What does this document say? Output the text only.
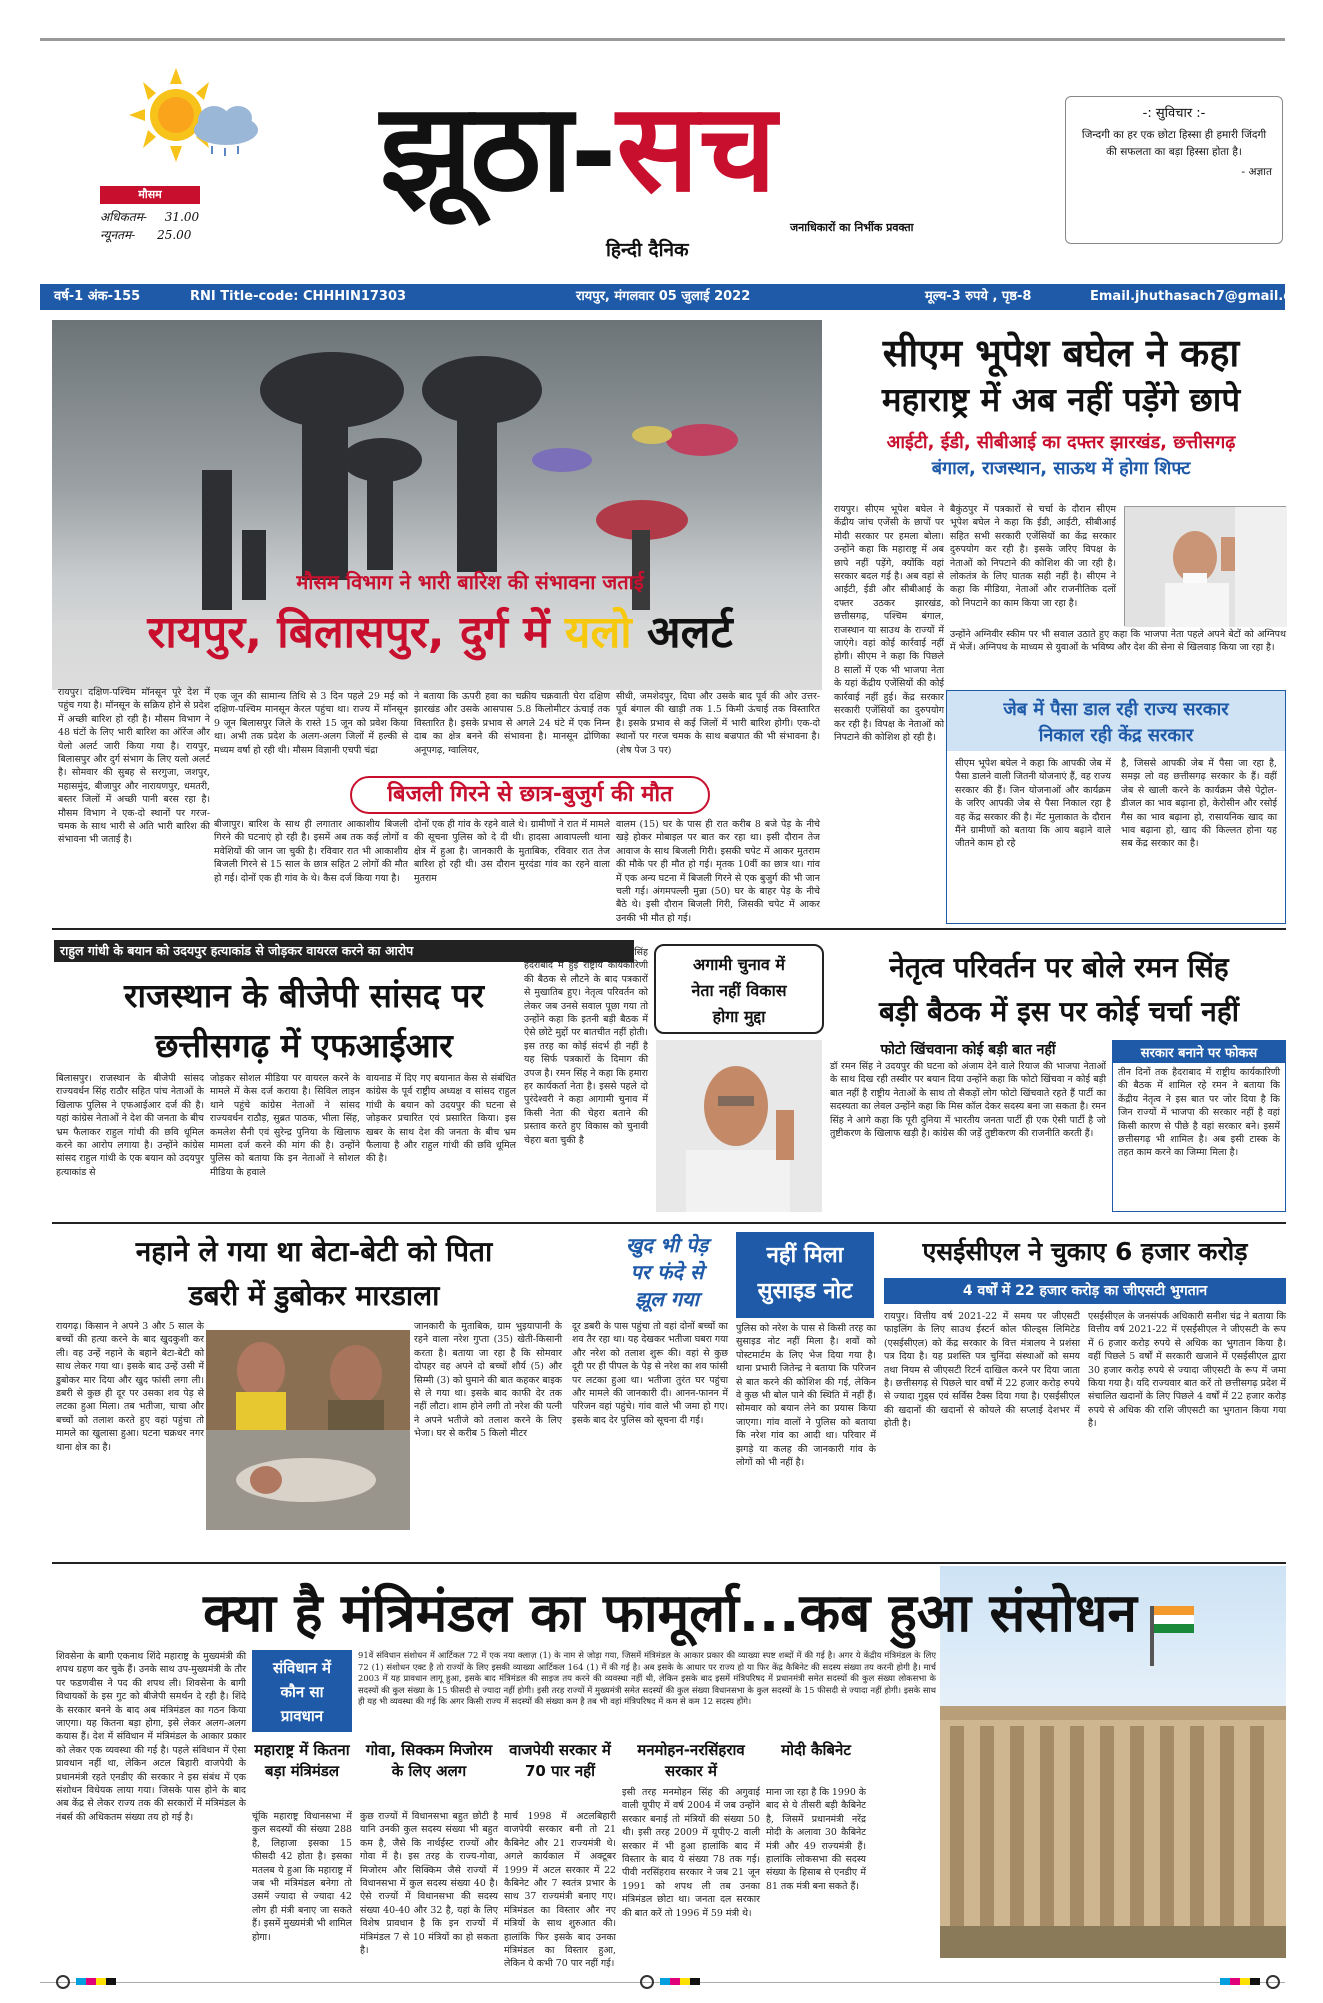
मौसम
अधिकतम- 31.00
न्यूनतम- 25.00
झूठा-सच
हिन्दी दैनिक
जनाधिकारों का निर्भीक प्रवक्ता
-: सुविचार :-
जिन्दगी का हर एक छोटा हिस्सा ही हमारी जिंदगी की सफलता का बड़ा हिस्सा होता है।
- अज्ञात
वर्ष-1 अंक-155	RNI Title-code: CHHHIN17303	रायपुर, मंगलवार 05 जुलाई 2022	मूल्य-3 रुपये , पृष्ठ-8	Email.jhuthasach7@gmail.com
मौसम विभाग ने भारी बारिश की संभावना जताई
रायपुर, बिलासपुर, दुर्ग में यलो अलर्ट
रायपुर। दक्षिण-पश्चिम मॉनसून पूरे देश में पहुंच गया है। मॉनसून के सक्रिय होने से प्रदेश में अच्छी बारिश हो रही है। मौसम विभाग ने 48 घंटों के लिए भारी बारिश का ऑरेंज और येलो अलर्ट जारी किया गया है। रायपुर, बिलासपुर और दुर्ग संभाग के लिए यलो अलर्ट है। सोमवार की सुबह से सरगुजा, जशपुर, महासमुंद, बीजापुर और नारायणपुर, धमतरी, बस्तर जिलों में अच्छी पानी बरस रहा है। मौसम विभाग ने एक-दो स्थानों पर गरज-चमक के साथ भारी से अति भारी बारिश की संभावना भी जताई है।
एक जून की सामान्य तिथि से 3 दिन पहले 29 मई को दक्षिण-पश्चिम मानसून केरल पहुंचा था। राज्य में मॉनसून 9 जून बिलासपुर जिले के रास्ते 15 जून को प्रवेश किया था। अभी तक प्रदेश के अलग-अलग जिलों में हल्की से मध्यम वर्षा हो रही थी। मौसम विज्ञानी एचपी चंद्रा
ने बताया कि ऊपरी हवा का चक्रीय चक्रवाती घेरा दक्षिण झारखंड और उसके आसपास 5.8 किलोमीटर ऊंचाई तक विस्तारित है। इसके प्रभाव से अगले 24 घंटे में एक निम्न दाब का क्षेत्र बनने की संभावना है। मानसून द्रोणिका अनूपगढ़, ग्वालियर,
सीधी, जमशेदपुर, दिघा और उसके बाद पूर्व की ओर उत्तर-पूर्व बंगाल की खाड़ी तक 1.5 किमी ऊंचाई तक विस्तारित है। इसके प्रभाव से कई जिलों में भारी बारिश होगी। एक-दो स्थानों पर गरज चमक के साथ बज्रपात की भी संभावना है। (शेष पेज 3 पर)
बिजली गिरने से छात्र-बुजुर्ग की मौत
बीजापुर। बारिश के साथ ही लगातार आकाशीय बिजली गिरने की घटनाएं हो रही है। इसमें अब तक कई लोगों व मवेशियों की जान जा चुकी है। रविवार रात भी आकाशीय बिजली गिरने से 15 साल के छात्र सहित 2 लोगों की मौत हो गई। दोनों एक ही गांव के थे। कैस दर्ज किया गया है।
दोनों एक ही गांव के रहने वाले थे। ग्रामीणों ने रात में मामले की सूचना पुलिस को दे दी थी। हादसा आवापल्ली थाना क्षेत्र में हुआ है। जानकारी के मुताबिक, रविवार रात तेज बारिश हो रही थी। उस दौरान मुरदंडा गांव का रहने वाला मुतराम
वालम (15) घर के पास ही रात करीब 8 बजे पेड़ के नीचे खड़े होकर मोबाइल पर बात कर रहा था। इसी दौरान तेज आवाज के साथ बिजली गिरी। इसकी चपेट में आकर मुतराम की मौके पर ही मौत हो गई। मृतक 10वीं का छात्र था। गांव में एक अन्य घटना में बिजली गिरने से एक बुजुर्ग की भी जान चली गई। अंगमपल्ली मुन्ना (50) घर के बाहर पेड़ के नीचे बैठे थे। इसी दौरान बिजली गिरी, जिसकी चपेट में आकर उनकी भी मौत हो गई।
सीएम भूपेश बघेल ने कहा
महाराष्ट्र में अब नहीं पड़ेंगे छापे
आईटी, ईडी, सीबीआई का दफ्तर झारखंड, छत्तीसगढ़
बंगाल, राजस्थान, साऊथ में होगा शिफ्ट
रायपुर। सीएम भूपेश बघेल ने केंद्रीय जांच एजेंसी के छापों पर मोदी सरकार पर हमला बोला। उन्होंने कहा कि महाराष्ट्र में अब छापे नहीं पड़ेंगे, क्योंकि वहां सरकार बदल गई है। अब वहां से आईटी, ईडी और सीबीआई के दफ्तर उठकर झारखंड, छत्तीसगढ़, पश्चिम बंगाल, राजस्थान या साउथ के राज्यों में जाएंगे। वहां कोई कार्रवाई नहीं होगी। सीएम ने कहा कि पिछले 8 सालों में एक भी भाजपा नेता के यहां केंद्रीय एजेंसियों की कोई कार्रवाई नहीं हुई। केंद्र सरकार सरकारी एजेंसियों का दुरुपयोग कर रही है। विपक्ष के नेताओं को निपटाने की कोशिश हो रही है।
बैकुंठपुर में पत्रकारों से चर्चा के दौरान सीएम भूपेश बघेल ने कहा कि ईडी, आईटी, सीबीआई सहित सभी सरकारी एजेंसियों का केंद्र सरकार दुरुपयोग कर रही है। इसके जरिए विपक्ष के नेताओं को निपटाने की कोशिश की जा रही है। लोकतंत्र के लिए घातक सही नहीं है। सीएम ने कहा कि मीडिया, नेताओं और राजनीतिक दलों को निपटाने का काम किया जा रहा है।
उन्होंने अग्निवीर स्कीम पर भी सवाल उठाते हुए कहा कि भाजपा नेता पहले अपने बेटों को अग्निपथ में भेजें। अग्निपथ के माध्यम से युवाओं के भविष्य और देश की सेना से खिलवाड़ किया जा रहा है।
जेब में पैसा डाल रही राज्य सरकार
निकाल रही केंद्र सरकार
सीएम भूपेश बघेल ने कहा कि आपकी जेब में पैसा डालने वाली जितनी योजनाएं हैं, वह राज्य सरकार की हैं। जिन योजनाओं और कार्यक्रम के जरिए आपकी जेब से पैसा निकाल रहा है वह केंद्र सरकार की है। मेंट मुलाकात के दौरान मैंने ग्रामीणों को बताया कि आय बढ़ाने वाले जीतने काम हो रहे
है, जिससे आपकी जेब में पैसा जा रहा है, समझ लो वह छत्तीसगढ़ सरकार के हैं। वहीं जेब से खाली करने के कार्यक्रम जैसे पेट्रोल-डीजल का भाव बढ़ाना हो, केरोसीन और रसोई गैस का भाव बढ़ाना हो, रासायनिक खाद का भाव बढ़ाना हो, खाद की किल्लत होना यह सब केंद्र सरकार का है।
राहुल गांधी के बयान को उदयपुर हत्याकांड से जोड़कर वायरल करने का आरोप
राजस्थान के बीजेपी सांसद पर
छत्तीसगढ़ में एफआईआर
बिलासपुर। राजस्थान के बीजेपी सांसद राज्यवर्धन सिंह राठौर सहित पांच नेताओं के खिलाफ पुलिस ने एफआईआर दर्ज की है। यहां कांग्रेस नेताओं ने देश की जनता के बीच भ्रम फैलाकर राहुल गांधी की छवि धूमिल करने का आरोप लगाया है। उन्होंने कांग्रेस सांसद राहुल गांधी के एक बयान को उदयपुर हत्याकांड से
जोड़कर सोशल मीडिया पर वायरल करने के मामले में केस दर्ज कराया है। सिविल लाइन थाने पहुंचे कांग्रेस नेताओं ने सांसद राज्यवर्धन राठौड़, सुब्रत पाठक, भीला सिंह, कमलेश सैनी एवं सुरेन्द्र पुनिया के खिलाफ मामला दर्ज करने की मांग की है। उन्होंने पुलिस को बताया कि इन नेताओं ने सोशल मीडिया के हवाले
वायनाड में दिए गए बयानात केस से संबंधित कांग्रेस के पूर्व राष्ट्रीय अध्यक्ष व सांसद राहुल गांधी के बयान को उदयपुर की घटना से जोड़कर प्रचारित एवं प्रसारित किया। इस खबर के साथ देश की जनता के बीच भ्रम फैलाया है और राहुल गांधी की छवि धूमिल की है।
रायपुर। पूर्व मुख्यमंत्री डॉ. रमन सिंह हैदराबाद में हुई राष्ट्रीय कार्यकारिणी की बैठक से लौटने के बाद पत्रकारों से मुखातिब हुए। नेतृत्व परिवर्तन को लेकर जब उनसे सवाल पूछा गया तो उन्होंने कहा कि इतनी बड़ी बैठक में ऐसे छोटे मुद्दों पर बातचीत नहीं होती। इस तरह का कोई संदर्भ ही नहीं है यह सिर्फ पत्रकारों के दिमाग की उपज है। रमन सिंह ने कहा कि हमारा हर कार्यकर्ता नेता है। इससे पहले दो पुरंदेश्वरी ने कहा आगामी चुनाव में किसी नेता की चेहरा बताने की प्रस्ताव करते हुए विकास को चुनावी चेहरा बता चुकी है
अगामी चुनाव में
नेता नहीं विकास
होगा मुद्दा
नेतृत्व परिवर्तन पर बोले रमन सिंह
बड़ी बैठक में इस पर कोई चर्चा नहीं
फोटो खिंचवाना कोई बड़ी बात नहीं
डॉ रमन सिंह ने उदयपुर की घटना को अंजाम देने वाले रियाज की भाजपा नेताओं के साथ दिख रही तस्वीर पर बयान दिया उन्होंने कहा कि फोटो खिंचवा न कोई बड़ी बात नहीं है राष्ट्रीय नेताओं के साथ तो सैकड़ों लोग फोटो खिंचवाते रहते हैं पार्टी का सदस्यता का लेवल उन्होंने कहा कि मिस कॉल देकर सदस्य बना जा सकता है। रमन सिंह ने आगे कहा कि पूरी दुनिया में भारतीय जनता पार्टी ही एक ऐसी पार्टी है जो तुष्टीकरण के खिलाफ खड़ी है। कांग्रेस की जड़ें तुष्टीकरण की राजनीति करती हैं।
सरकार बनाने पर फोकस
तीन दिनों तक हैदराबाद में राष्ट्रीय कार्यकारिणी की बैठक में शामिल रहे रमन ने बताया कि केंद्रीय नेतृत्व ने इस बात पर जोर दिया है कि जिन राज्यों में भाजपा की सरकार नहीं है वहां किसी कारण से पीछे है वहां सरकार बने। इसमें छत्तीसगढ़ भी शामिल है। अब इसी टास्क के तहत काम करने का जिम्मा मिला है।
नहाने ले गया था बेटा-बेटी को पिता
डबरी में डुबोकर मारडाला
रायगढ़। किसान ने अपने 3 और 5 साल के बच्चों की हत्या करने के बाद खुदकुशी कर ली। वह उन्हें नहाने के बहाने बेटा-बेटी को साथ लेकर गया था। इसके बाद उन्हें उसी में डुबोकर मार दिया और खुद फांसी लगा ली। डबरी से कुछ ही दूर पर उसका शव पेड़ से लटका हुआ मिला। तब भतीजा, चाचा और बच्चों को तलाश करते हुए वहां पहुंचा तो मामले का खुलासा हुआ। घटना चक्रधर नगर थाना क्षेत्र का है।
जानकारी के मुताबिक, ग्राम भुइयापानी के रहने वाला नरेश गुप्ता (35) खेती-किसानी करता है। बताया जा रहा है कि सोमवार दोपहर वह अपने दो बच्चों शौर्य (5) और सिम्मी (3) को घुमाने की बात कहकर बाइक से ले गया था। इसके बाद काफी देर तक नहीं लौटा। शाम होने लगी तो नरेश की पत्नी ने अपने भतीजे को तलाश करने के लिए भेजा। घर से करीब 5 किलो मीटर
खुद भी पेड़
पर फंदे से
झूल गया
दूर डबरी के पास पहुंचा तो वहां दोनों बच्चों का शव तैर रहा था। यह देखकर भतीजा घबरा गया और नरेश को तलाश शुरू की। वहां से कुछ दूरी पर ही पीपल के पेड़ से नरेश का शव फांसी पर लटका हुआ था। भतीजा तुरंत घर पहुंचा और मामले की जानकारी दी। आनन-फानन में परिजन वहां पहुंचे। गांव वाले भी जमा हो गए। इसके बाद देर पुलिस को सूचना दी गई।
नहीं मिला
सुसाइड नोट
पुलिस को नरेश के पास से किसी तरह का सुसाइड नोट नहीं मिला है। शवों को पोस्टमार्टम के लिए भेज दिया गया है। थाना प्रभारी जितेन्द्र ने बताया कि परिजन से बात करने की कोशिश की गई, लेकिन वे कुछ भी बोल पाने की स्थिति में नहीं हैं। सोमवार को बयान लेने का प्रयास किया जाएगा। गांव वालों ने पुलिस को बताया कि नरेश गांव का आदी था। परिवार में झगड़े या कलह की जानकारी गांव के लोगों को भी नहीं है।
एसईसीएल ने चुकाए 6 हजार करोड़
4 वर्षों में 22 हजार करोड़ का जीएसटी भुगतान
रायपुर। वित्तीय वर्ष 2021-22 में समय पर जीएसटी फाइलिंग के लिए साउथ ईस्टर्न कोल फील्ड्स लिमिटेड (एसईसीएल) को केंद्र सरकार के वित्त मंत्रालय ने प्रशंसा पत्र दिया है। यह प्रशस्ति पत्र चुनिंदा संस्थाओं को समय तथा नियम से जीएसटी रिटर्न दाखिल करने पर दिया जाता है। छत्तीसगढ़ से पिछले चार वर्षों में 22 हजार करोड़ रुपये से ज्यादा गुड्स एवं सर्विस टैक्स दिया गया है। एसईसीएल की खदानों की खदानों से कोयले की सप्लाई देशभर में होती है।
एसईसीएल के जनसंपर्क अधिकारी सनीश चंद्र ने बताया कि वित्तीय वर्ष 2021-22 में एसईसीएल ने जीएसटी के रूप में 6 हजार करोड़ रुपये से अधिक का भुगतान किया है। वहीं पिछले 5 वर्षों में सरकारी खजाने में एसईसीएल द्वारा 30 हजार करोड़ रुपये से ज्यादा जीएसटी के रूप में जमा किया गया है। यदि राज्यवार बात करें तो छत्तीसगढ़ प्रदेश में संचालित खदानों के लिए पिछले 4 वर्षों में 22 हजार करोड़ रुपये से अधिक की राशि जीएसटी का भुगतान किया गया है।
क्या है मंत्रिमंडल का फामूर्ला...कब हुआ संसोधन
शिवसेना के बागी एकनाथ शिंदे महाराष्ट्र के मुख्यमंत्री की शपथ ग्रहण कर चुके हैं। उनके साथ उप-मुख्यमंत्री के तौर पर फडणवीस ने पद की शपथ ली। शिवसेना के बागी विधायकों के इस गुट को बीजेपी समर्थन दे रही है। शिंदे के सरकार बनने के बाद अब मंत्रिमंडल का गठन किया जाएगा। यह कितना बड़ा होगा, इसे लेकर अलग-अलग कयास हैं। देश में संविधान में मंत्रिमंडल के आकार प्रकार को लेकर एक व्यवस्था की गई है। पहले संविधान में ऐसा प्रावधान नहीं था, लेकिन अटल बिहारी वाजपेयी के प्रधानमंत्री रहते एनडीए की सरकार ने इस संबंध में एक संशोधन विधेयक लाया गया। जिसके पास होने के बाद अब केंद्र से लेकर राज्य तक की सरकारों में मंत्रिमंडल के नंबर्स की अधिकतम संख्या तय हो गई है।
संविधान में
कौन सा
प्रावधान
91वें संविधान संशोधन में आर्टिकल 72 में एक नया क्लाज़ (1) के नाम से जोड़ा गया, जिसमें मंत्रिमंडल के आकार प्रकार की व्याख्या स्पष्ट शब्दों में की गई है। अगर ये केंद्रीय मंत्रिमंडल के लिए 72 (1) संशोधन एक्ट है तो राज्यों के लिए इसकी व्याख्या आर्टिकल 164 (1) में की गई है। अब इसके के आधार पर राज्य हो या फिर केंद्र कैबिनेट की सदस्य संख्या तय करनी होगी है। मार्च 2003 में यह प्रावधान लागू हुआ, इसके बाद मंत्रिमंडल की साइज तय करने की व्यवस्था नहीं थी, लेकिन इसके बाद इसमें मंत्रिपरिषद में प्रधानमंत्री समेत सदस्यों की कुल संख्या लोकसभा के सदस्यों की कुल संख्या के 15 फीसदी से ज्यादा नहीं होगी। इसी तरह राज्यों में मुख्यमंत्री समेत सदस्यों की कुल संख्या विधानसभा के कुल सदस्यों के 15 फीसदी से ज्यादा नहीं होगी। इसके साथ ही यह भी व्यवस्था की गई कि अगर किसी राज्य में सदस्यों की संख्या कम है तब भी वहां मंत्रिपरिषद में कम से कम 12 सदस्य होंगे।
महाराष्ट्र में कितना बड़ा मंत्रिमंडल
चूंकि महाराष्ट्र विधानसभा में कुल सदस्यों की संख्या 288 है, लिहाजा इसका 15 फीसदी 42 होता है। इसका मतलब ये हुआ कि महाराष्ट्र में जब भी मंत्रिमंडल बनेगा तो उसमें ज्यादा से ज्यादा 42 लोग ही मंत्री बनाए जा सकते हैं। इसमें मुख्यमंत्री भी शामिल होगा।
गोवा, सिक्कम मिजोरम के लिए अलग
कुछ राज्यों में विधानसभा बहुत छोटी है यानि उनकी कुल सदस्य संख्या भी बहुत कम है, जैसे कि नार्थईस्ट राज्यों और गोवा में है। इस तरह के राज्य-गोवा, मिजोरम और सिक्किम जैसे राज्यों में विधानसभा में कुल सदस्य संख्या 40 है। ऐसे राज्यों में विधानसभा की सदस्य संख्या 40-40 और 32 है, यहां के लिए विशेष प्रावधान है कि इन राज्यों में मंत्रिमंडल 7 से 10 मंत्रियों का हो सकता है।
वाजपेयी सरकार में 70 पार नहीं
मार्च 1998 में अटलबिहारी वाजपेयी सरकार बनी तो 21 कैबिनेट और 21 राज्यमंत्री थे। अगले कार्यकाल में अक्टूबर 1999 में अटल सरकार में 22 कैबिनेट और 7 स्वतंत्र प्रभार के साथ 37 राज्यमंत्री बनाए गए। मंत्रिमंडल का विस्तार और नए मंत्रियों के साथ शुरुआत की। हालांकि फिर इसके बाद उनका मंत्रिमंडल का विस्तार हुआ, लेकिन ये कभी 70 पार नहीं गई।
मनमोहन-नरसिंहराव सरकार में
इसी तरह मनमोहन सिंह की अगुवाई वाली यूपीए में वर्ष 2004 में जब उन्होंने सरकार बनाई तो मंत्रियों की संख्या 50 थी। इसी तरह 2009 में यूपीए-2 वाली सरकार में भी हुआ हालांकि बाद में विस्तार के बाद ये संख्या 78 तक गई। पीवी नरसिंहराव सरकार ने जब 21 जून 1991 को शपथ ली तब उनका मंत्रिमंडल छोटा था। जनता दल सरकार की बात करें तो 1996 में 59 मंत्री थे।
मोदी कैबिनेट
माना जा रहा है कि 1990 के बाद से ये तीसरी बड़ी कैबिनेट है, जिसमें प्रधानमंत्री नरेंद्र मोदी के अलावा 30 कैबिनेट मंत्री और 49 राज्यमंत्री हैं। हालांकि लोकसभा की सदस्य संख्या के हिसाब से एनडीए में 81 तक मंत्री बना सकते हैं।
